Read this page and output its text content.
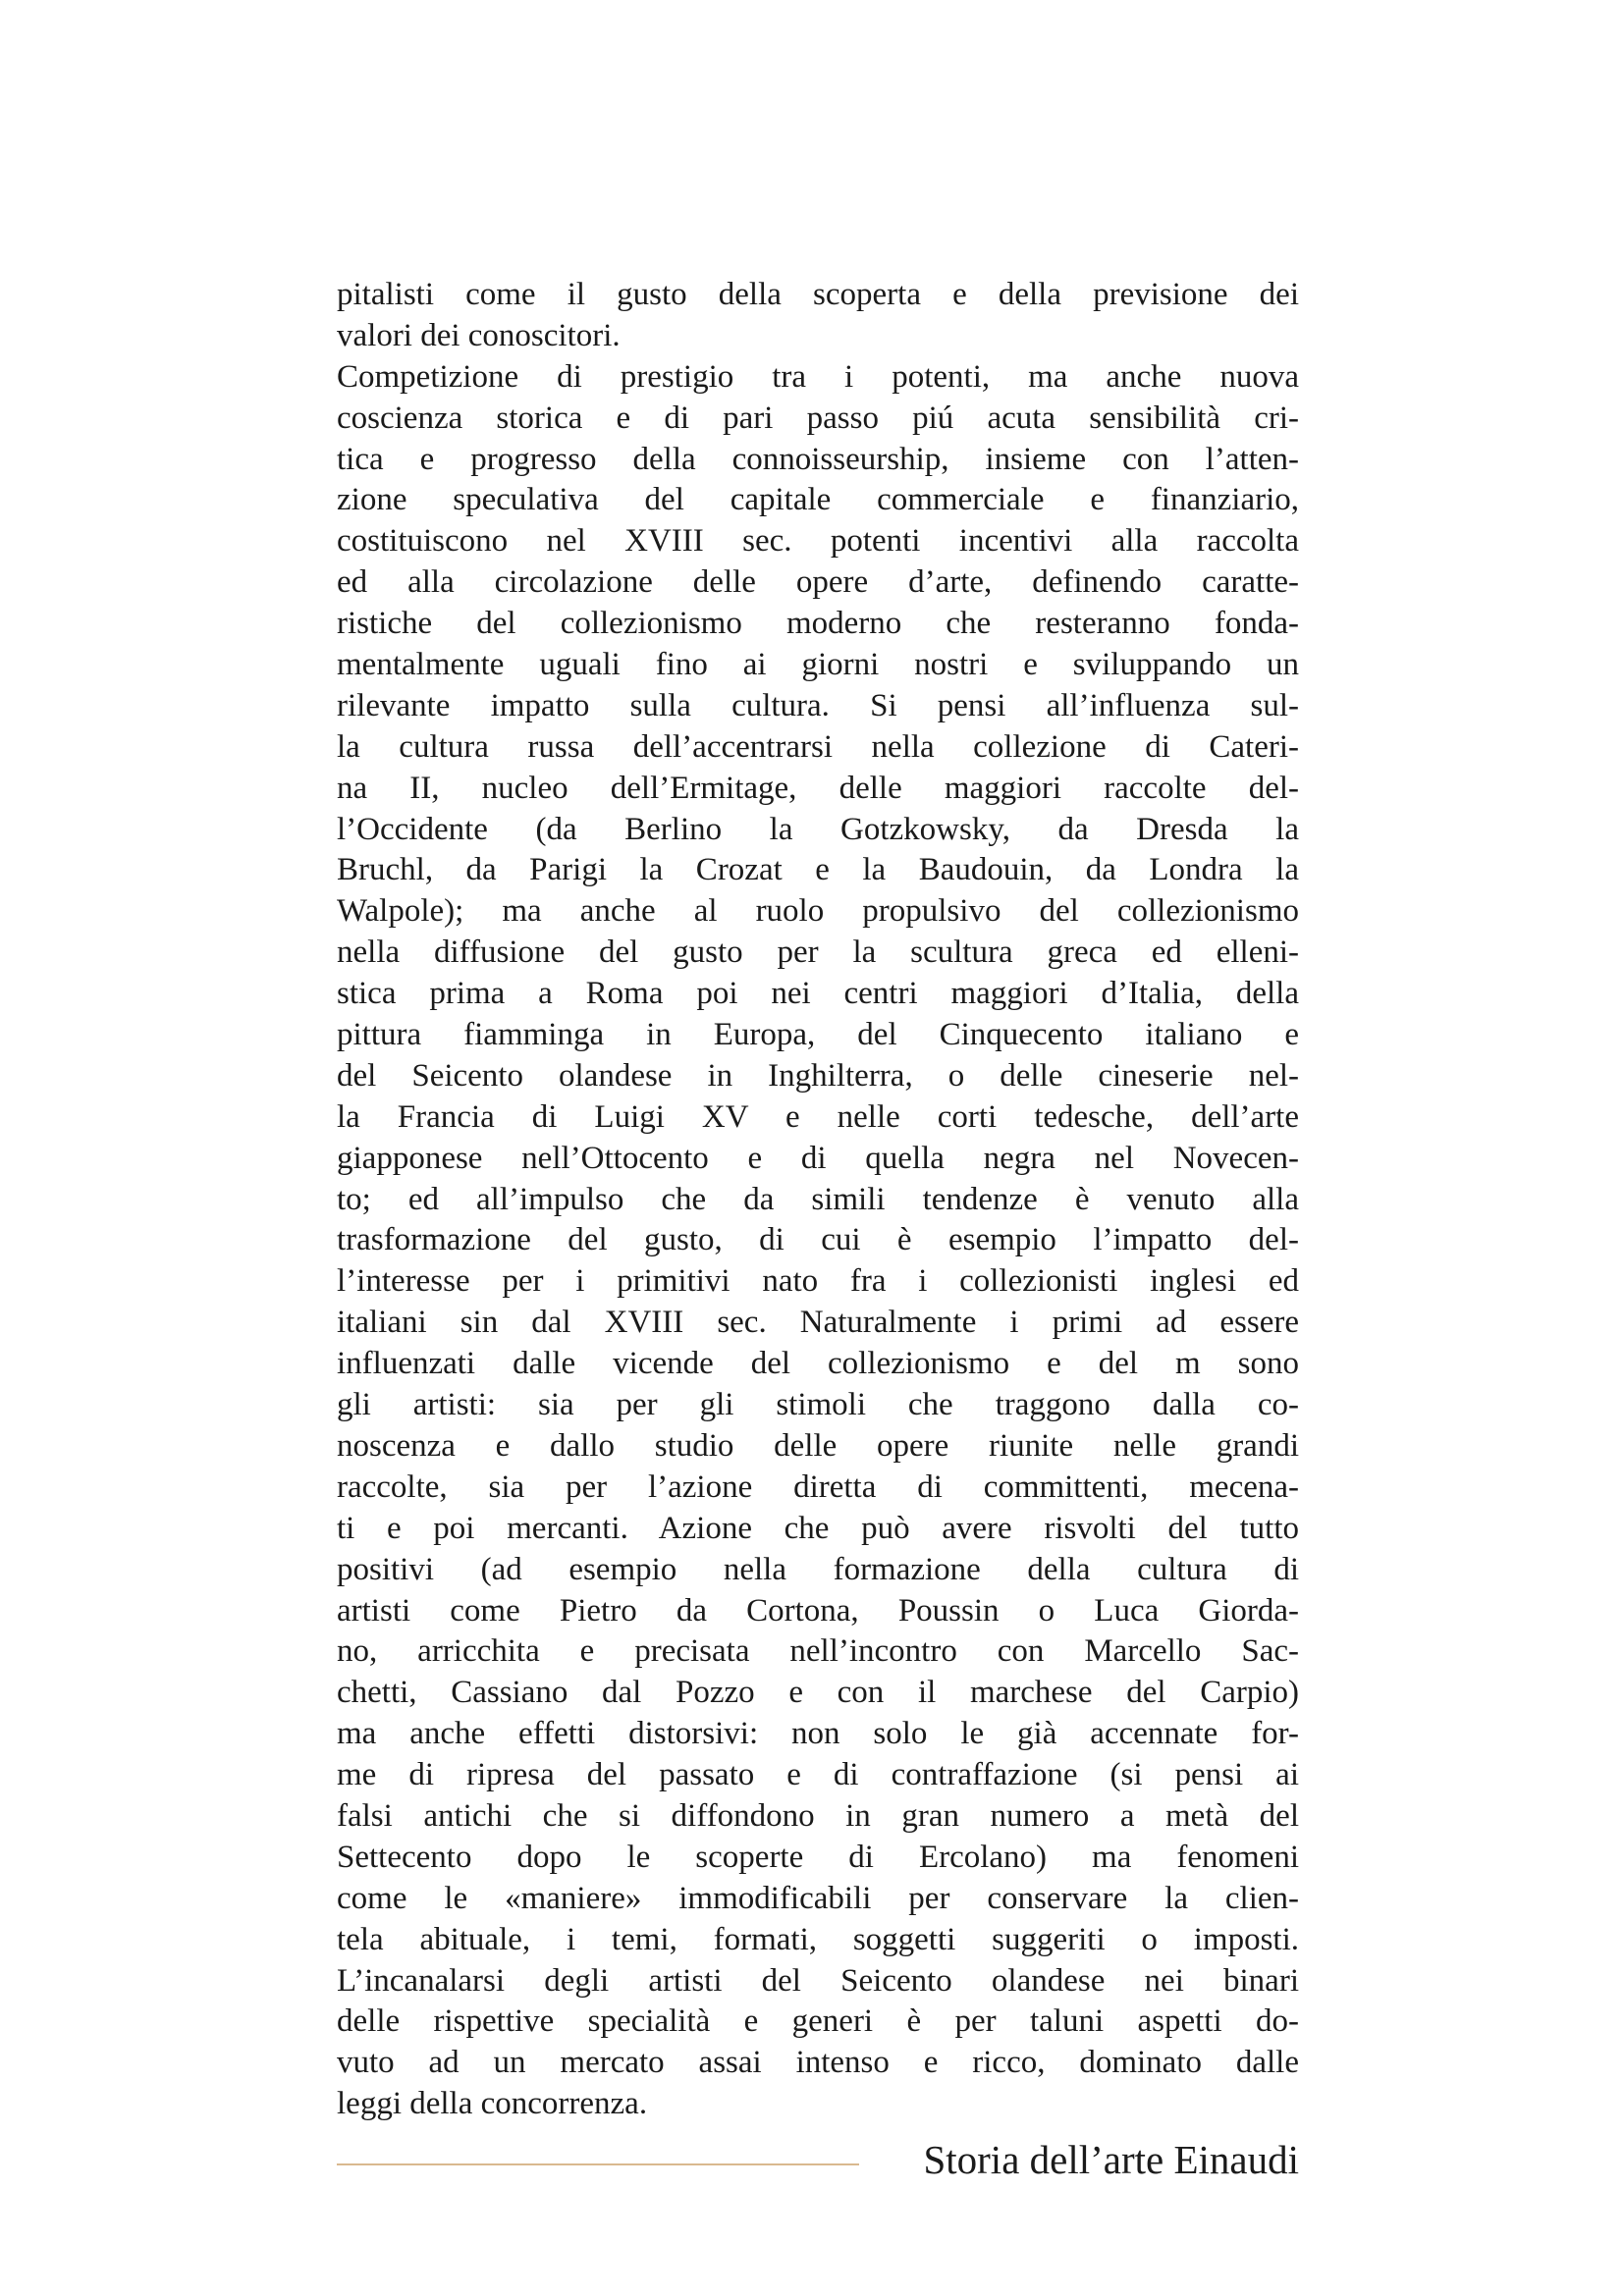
pitalisti come il gusto della scoperta e della previsione dei
valori dei conoscitori.
Competizione di prestigio tra i potenti, ma anche nuova
coscienza storica e di pari passo piú acuta sensibilità cri-
tica e progresso della connoisseurship, insieme con l’atten-
zione speculativa del capitale commerciale e finanziario,
costituiscono nel XVIII sec. potenti incentivi alla raccolta
ed alla circolazione delle opere d’arte, definendo caratte-
ristiche del collezionismo moderno che resteranno fonda-
mentalmente uguali fino ai giorni nostri e sviluppando un
rilevante impatto sulla cultura. Si pensi all’influenza sul-
la cultura russa dell’accentrarsi nella collezione di Cateri-
na II, nucleo dell’Ermitage, delle maggiori raccolte del-
l’Occidente (da Berlino la Gotzkowsky, da Dresda la
Bruchl, da Parigi la Crozat e la Baudouin, da Londra la
Walpole); ma anche al ruolo propulsivo del collezionismo
nella diffusione del gusto per la scultura greca ed elleni-
stica prima a Roma poi nei centri maggiori d’Italia, della
pittura fiamminga in Europa, del Cinquecento italiano e
del Seicento olandese in Inghilterra, o delle cineserie nel-
la Francia di Luigi XV e nelle corti tedesche, dell’arte
giapponese nell’Ottocento e di quella negra nel Novecen-
to; ed all’impulso che da simili tendenze è venuto alla
trasformazione del gusto, di cui è esempio l’impatto del-
l’interesse per i primitivi nato fra i collezionisti inglesi ed
italiani sin dal XVIII sec. Naturalmente i primi ad essere
influenzati dalle vicende del collezionismo e del m sono
gli artisti: sia per gli stimoli che traggono dalla co-
noscenza e dallo studio delle opere riunite nelle grandi
raccolte, sia per l’azione diretta di committenti, mecena-
ti e poi mercanti. Azione che può avere risvolti del tutto
positivi (ad esempio nella formazione della cultura di
artisti come Pietro da Cortona, Poussin o Luca Giorda-
no, arricchita e precisata nell’incontro con Marcello Sac-
chetti, Cassiano dal Pozzo e con il marchese del Carpio)
ma anche effetti distorsivi: non solo le già accennate for-
me di ripresa del passato e di contraffazione (si pensi ai
falsi antichi che si diffondono in gran numero a metà del
Settecento dopo le scoperte di Ercolano) ma fenomeni
come le «maniere» immodificabili per conservare la clien-
tela abituale, i temi, formati, soggetti suggeriti o imposti.
L’incanalarsi degli artisti del Seicento olandese nei binari
delle rispettive specialità e generi è per taluni aspetti do-
vuto ad un mercato assai intenso e ricco, dominato dalle
leggi della concorrenza.
Storia dell’arte Einaudi
